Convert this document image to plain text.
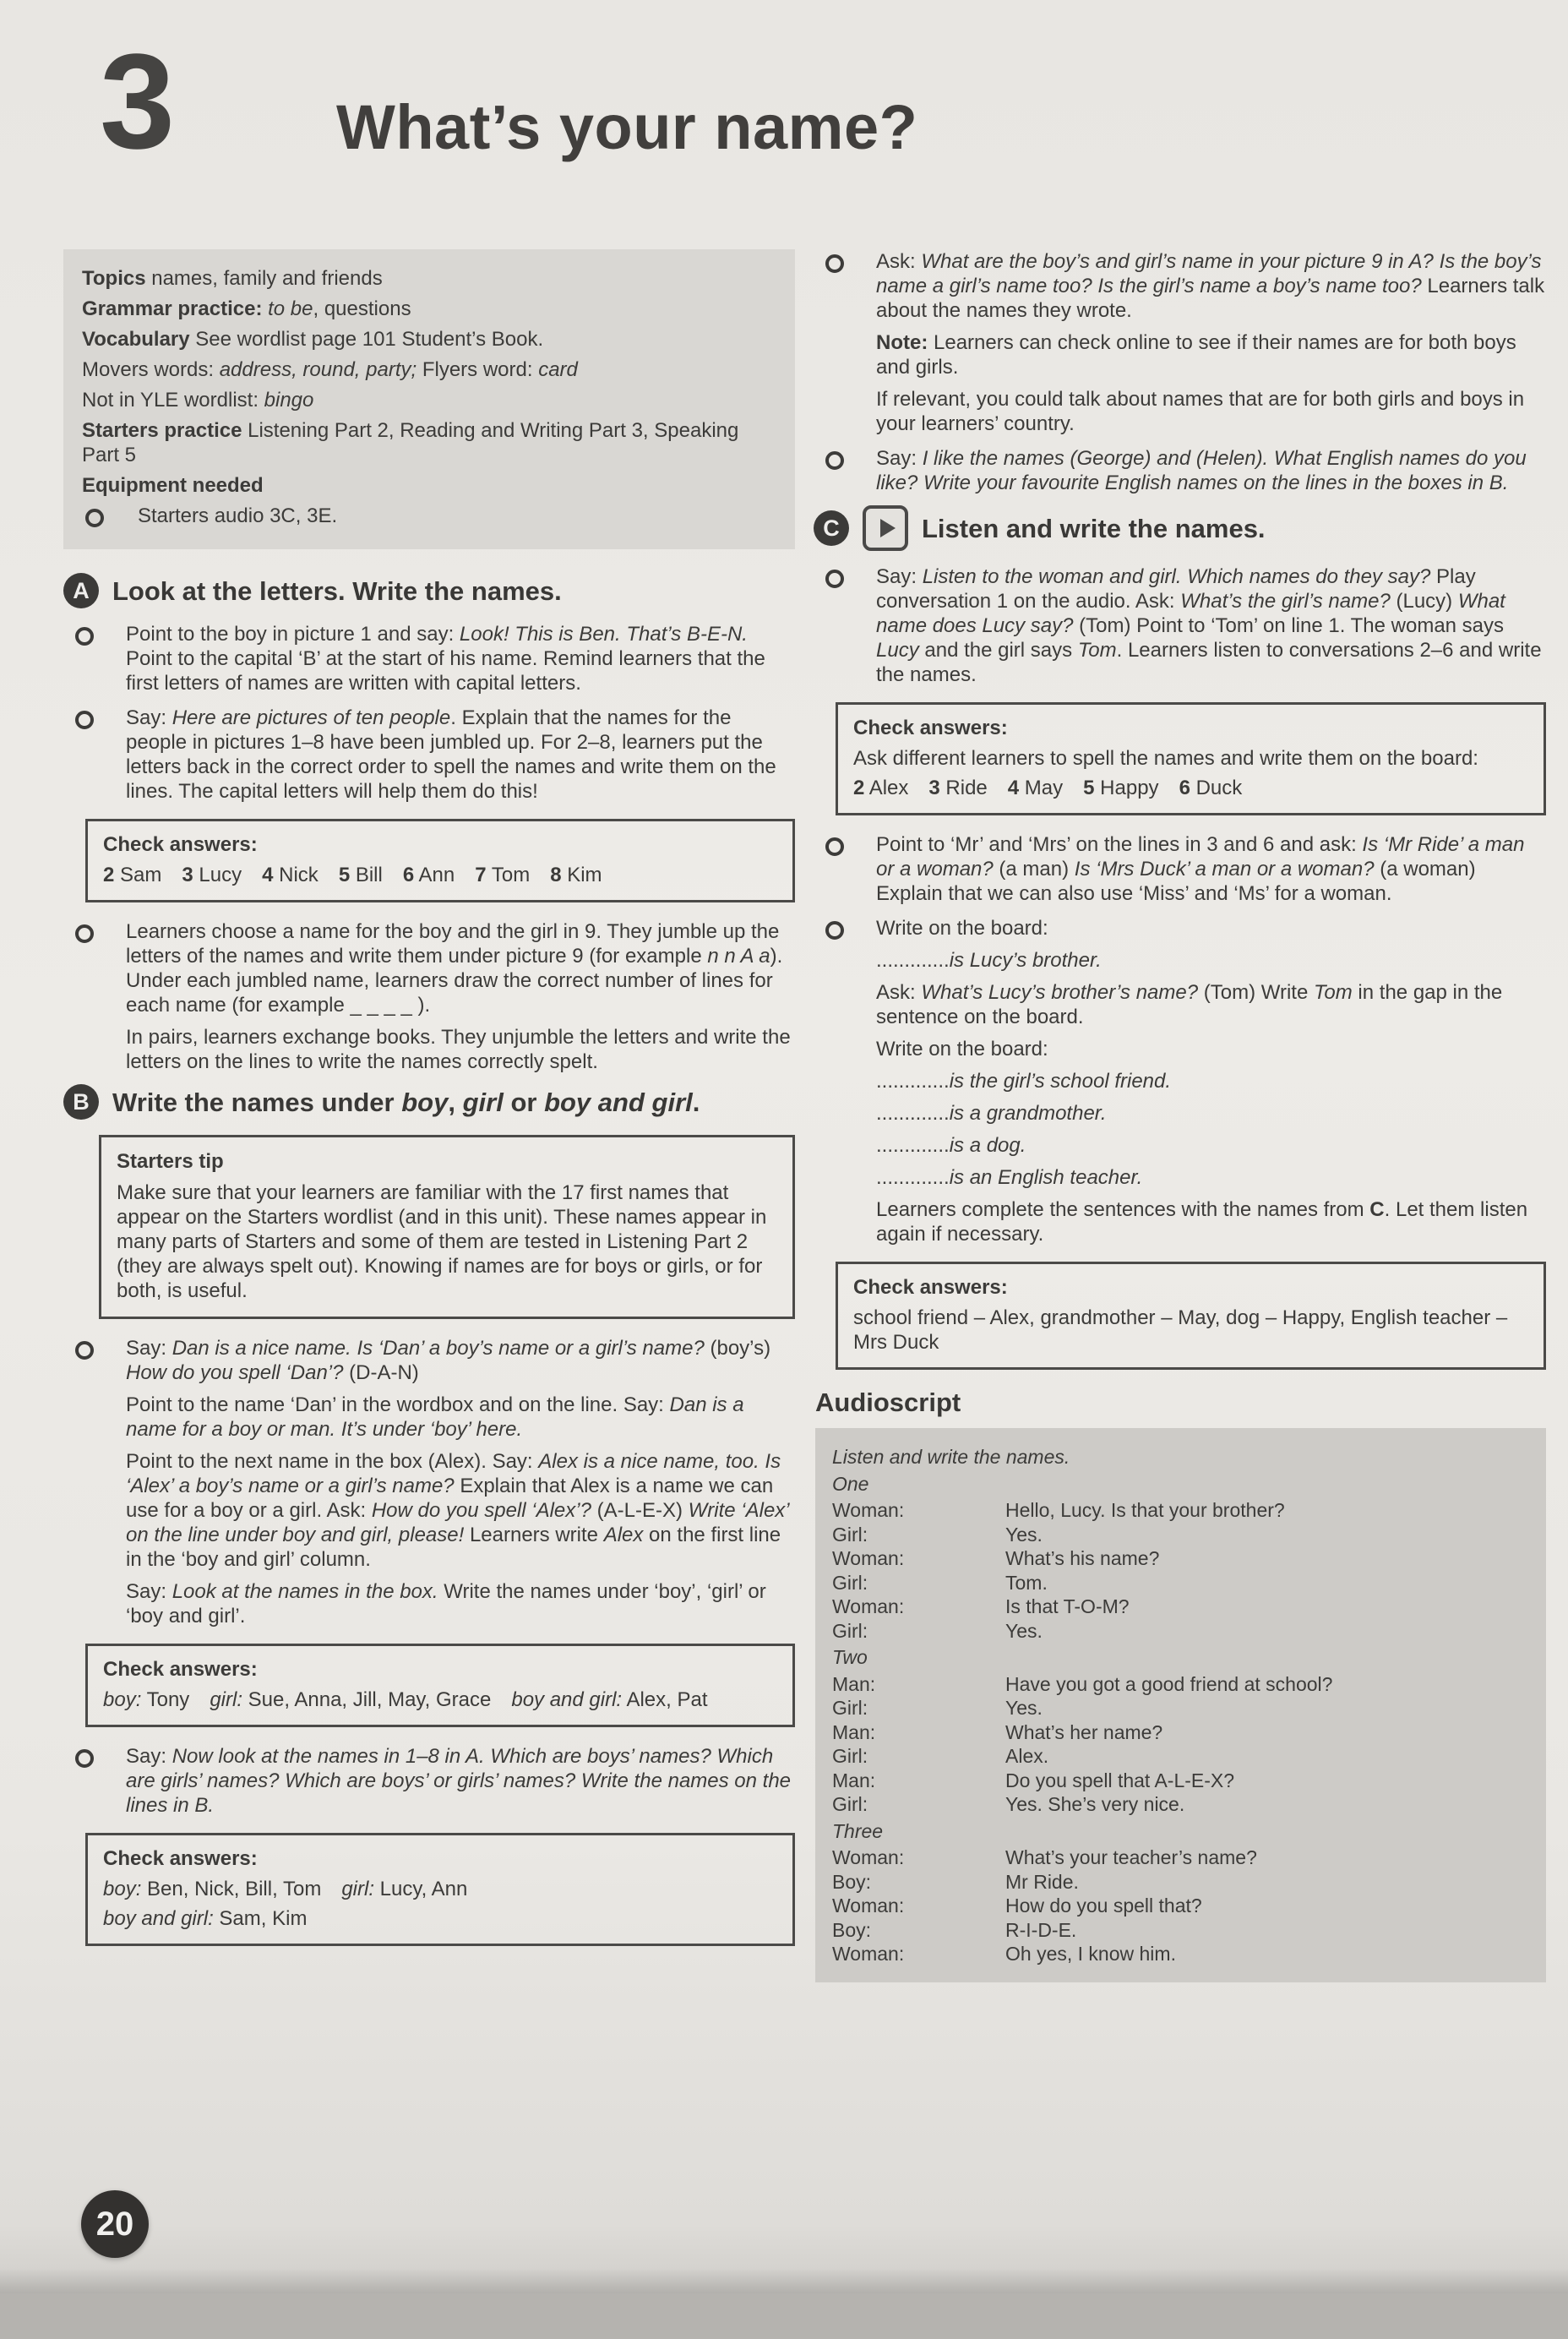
3	What’s your name?
Topics names, family and friends
Grammar practice: to be, questions
Vocabulary See wordlist page 101 Student’s Book.
Movers words: address, round, party; Flyers word: card
Not in YLE wordlist: bingo
Starters practice Listening Part 2, Reading and Writing Part 3, Speaking Part 5
Equipment needed
Starters audio 3C, 3E.
A Look at the letters. Write the names.
Point to the boy in picture 1 and say: Look! This is Ben. That’s B-E-N. Point to the capital ‘B’ at the start of his name. Remind learners that the first letters of names are written with capital letters.
Say: Here are pictures of ten people. Explain that the names for the people in pictures 1–8 have been jumbled up. For 2–8, learners put the letters back in the correct order to spell the names and write them on the lines. The capital letters will help them do this!
Check answers:
2 Sam 3 Lucy 4 Nick 5 Bill 6 Ann 7 Tom 8 Kim
Learners choose a name for the boy and the girl in 9. They jumble up the letters of the names and write them under picture 9 (for example n n A a). Under each jumbled name, learners draw the correct number of lines for each name (for example _ _ _ _ ).
In pairs, learners exchange books. They unjumble the letters and write the letters on the lines to write the names correctly spelt.
B Write the names under boy, girl or boy and girl.
Starters tip
Make sure that your learners are familiar with the 17 first names that appear on the Starters wordlist (and in this unit). These names appear in many parts of Starters and some of them are tested in Listening Part 2 (they are always spelt out). Knowing if names are for boys or girls, or for both, is useful.
Say: Dan is a nice name. Is ‘Dan’ a boy’s name or a girl’s name? (boy’s) How do you spell ‘Dan’? (D-A-N)
Point to the name ‘Dan’ in the wordbox and on the line. Say: Dan is a name for a boy or man. It’s under ‘boy’ here.
Point to the next name in the box (Alex). Say: Alex is a nice name, too. Is ‘Alex’ a boy’s name or a girl’s name? Explain that Alex is a name we can use for a boy or a girl. Ask: How do you spell ‘Alex’? (A-L-E-X) Write ‘Alex’ on the line under boy and girl, please! Learners write Alex on the first line in the ‘boy and girl’ column.
Say: Look at the names in the box. Write the names under ‘boy’, ‘girl’ or ‘boy and girl’.
Check answers:
boy: Tony girl: Sue, Anna, Jill, May, Grace boy and girl: Alex, Pat
Say: Now look at the names in 1–8 in A. Which are boys’ names? Which are girls’ names? Which are boys’ or girls’ names? Write the names on the lines in B.
Check answers:
boy: Ben, Nick, Bill, Tom girl: Lucy, Ann
boy and girl: Sam, Kim
Ask: What are the boy’s and girl’s name in your picture 9 in A? Is the boy’s name a girl’s name too? Is the girl’s name a boy’s name too? Learners talk about the names they wrote.
Note: Learners can check online to see if their names are for both boys and girls.
If relevant, you could talk about names that are for both girls and boys in your learners’ country.
Say: I like the names (George) and (Helen). What English names do you like? Write your favourite English names on the lines in the boxes in B.
C	Listen and write the names.
Say: Listen to the woman and girl. Which names do they say? Play conversation 1 on the audio. Ask: What’s the girl’s name? (Lucy) What name does Lucy say? (Tom) Point to ‘Tom’ on line 1. The woman says Lucy and the girl says Tom. Learners listen to conversations 2–6 and write the names.
Check answers:
Ask different learners to spell the names and write them on the board:
2 Alex 3 Ride 4 May 5 Happy 6 Duck
Point to ‘Mr’ and ‘Mrs’ on the lines in 3 and 6 and ask: Is ‘Mr Ride’ a man or a woman? (a man) Is ‘Mrs Duck’ a man or a woman? (a woman) Explain that we can also use ‘Miss’ and ‘Ms’ for a woman.
Write on the board:
.............is Lucy’s brother.
Ask: What’s Lucy’s brother’s name? (Tom) Write Tom in the gap in the sentence on the board.
Write on the board:
.............is the girl’s school friend.
.............is a grandmother.
.............is a dog.
.............is an English teacher.
Learners complete the sentences with the names from C. Let them listen again if necessary.
Check answers:
school friend – Alex, grandmother – May, dog – Happy, English teacher – Mrs Duck
Audioscript
Listen and write the names.
One
Woman:	Hello, Lucy. Is that your brother?
Girl:	Yes.
Woman:	What’s his name?
Girl:	Tom.
Woman:	Is that T-O-M?
Girl:	Yes.
Two
Man:	Have you got a good friend at school?
Girl:	Yes.
Man:	What’s her name?
Girl:	Alex.
Man:	Do you spell that A-L-E-X?
Girl:	Yes. She’s very nice.
Three
Woman:	What’s your teacher’s name?
Boy:	Mr Ride.
Woman:	How do you spell that?
Boy:	R-I-D-E.
Woman:	Oh yes, I know him.
20
